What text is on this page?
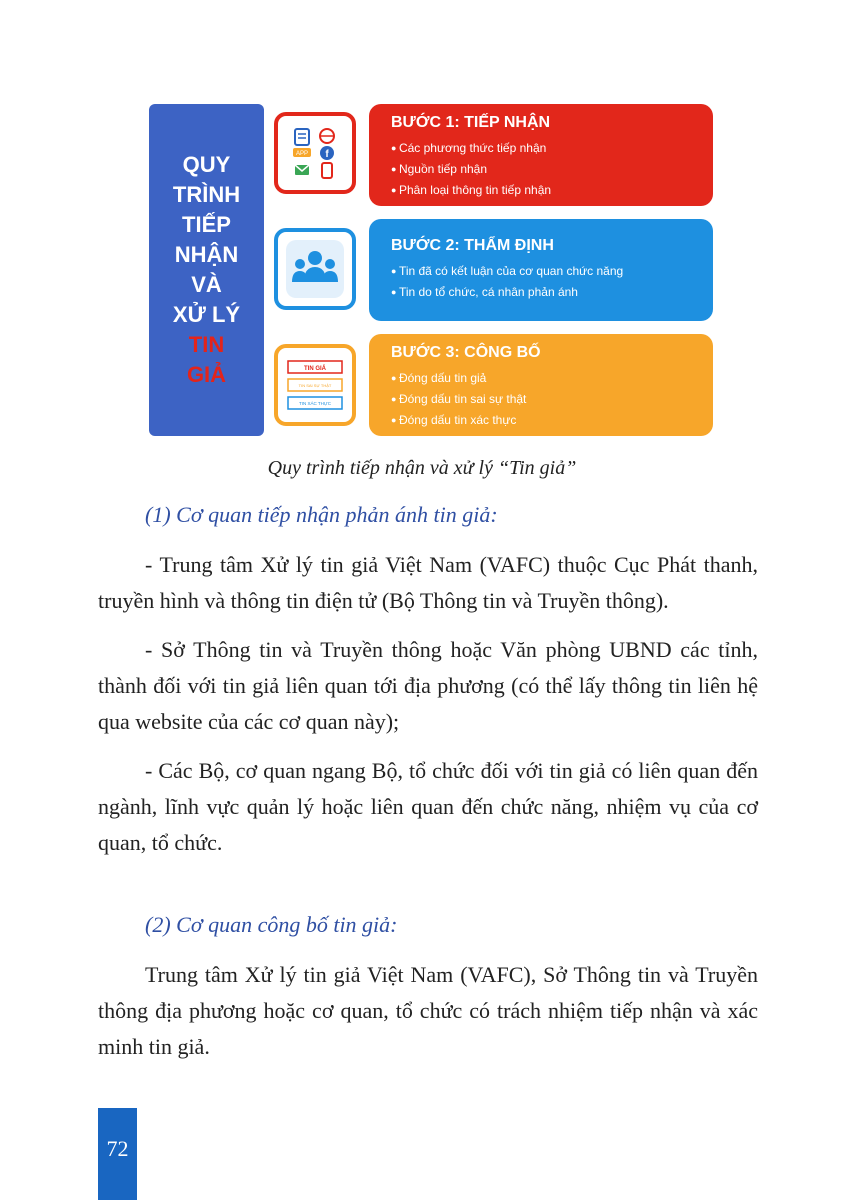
QUY
TRÌNH
TIẾP
NHẬN
VÀ
XỬ LÝ
TIN
GIẢ
APP f
TIN GIẢ
TIN SAI SỰ THẬT
TIN XÁC THỰC
BƯỚC 1: TIẾP NHẬN
● Các phương thức tiếp nhận
● Nguồn tiếp nhận
● Phân loại thông tin tiếp nhận
BƯỚC 2: THẨM ĐỊNH
● Tin đã có kết luận của cơ quan chức năng
● Tin do tổ chức, cá nhân phản ánh
BƯỚC 3: CÔNG BỐ
● Đóng dấu tin giả
● Đóng dấu tin sai sự thật
● Đóng dấu tin xác thực
Quy trình tiếp nhận và xử lý “Tin giả”
(1) Cơ quan tiếp nhận phản ánh tin giả:

- Trung tâm Xử lý tin giả Việt Nam (VAFC) thuộc Cục Phát thanh, truyền hình và thông tin điện tử (Bộ Thông tin và Truyền thông).

- Sở Thông tin và Truyền thông hoặc Văn phòng UBND các tỉnh, thành đối với tin giả liên quan tới địa phương (có thể lấy thông tin liên hệ qua website của các cơ quan này);

- Các Bộ, cơ quan ngang Bộ, tổ chức đối với tin giả có liên quan đến ngành, lĩnh vực quản lý hoặc liên quan đến chức năng, nhiệm vụ của cơ quan, tổ chức.

(2) Cơ quan công bố tin giả:

Trung tâm Xử lý tin giả Việt Nam (VAFC), Sở Thông tin và Truyền thông địa phương hoặc cơ quan, tổ chức có trách nhiệm tiếp nhận và xác minh tin giả.

72
